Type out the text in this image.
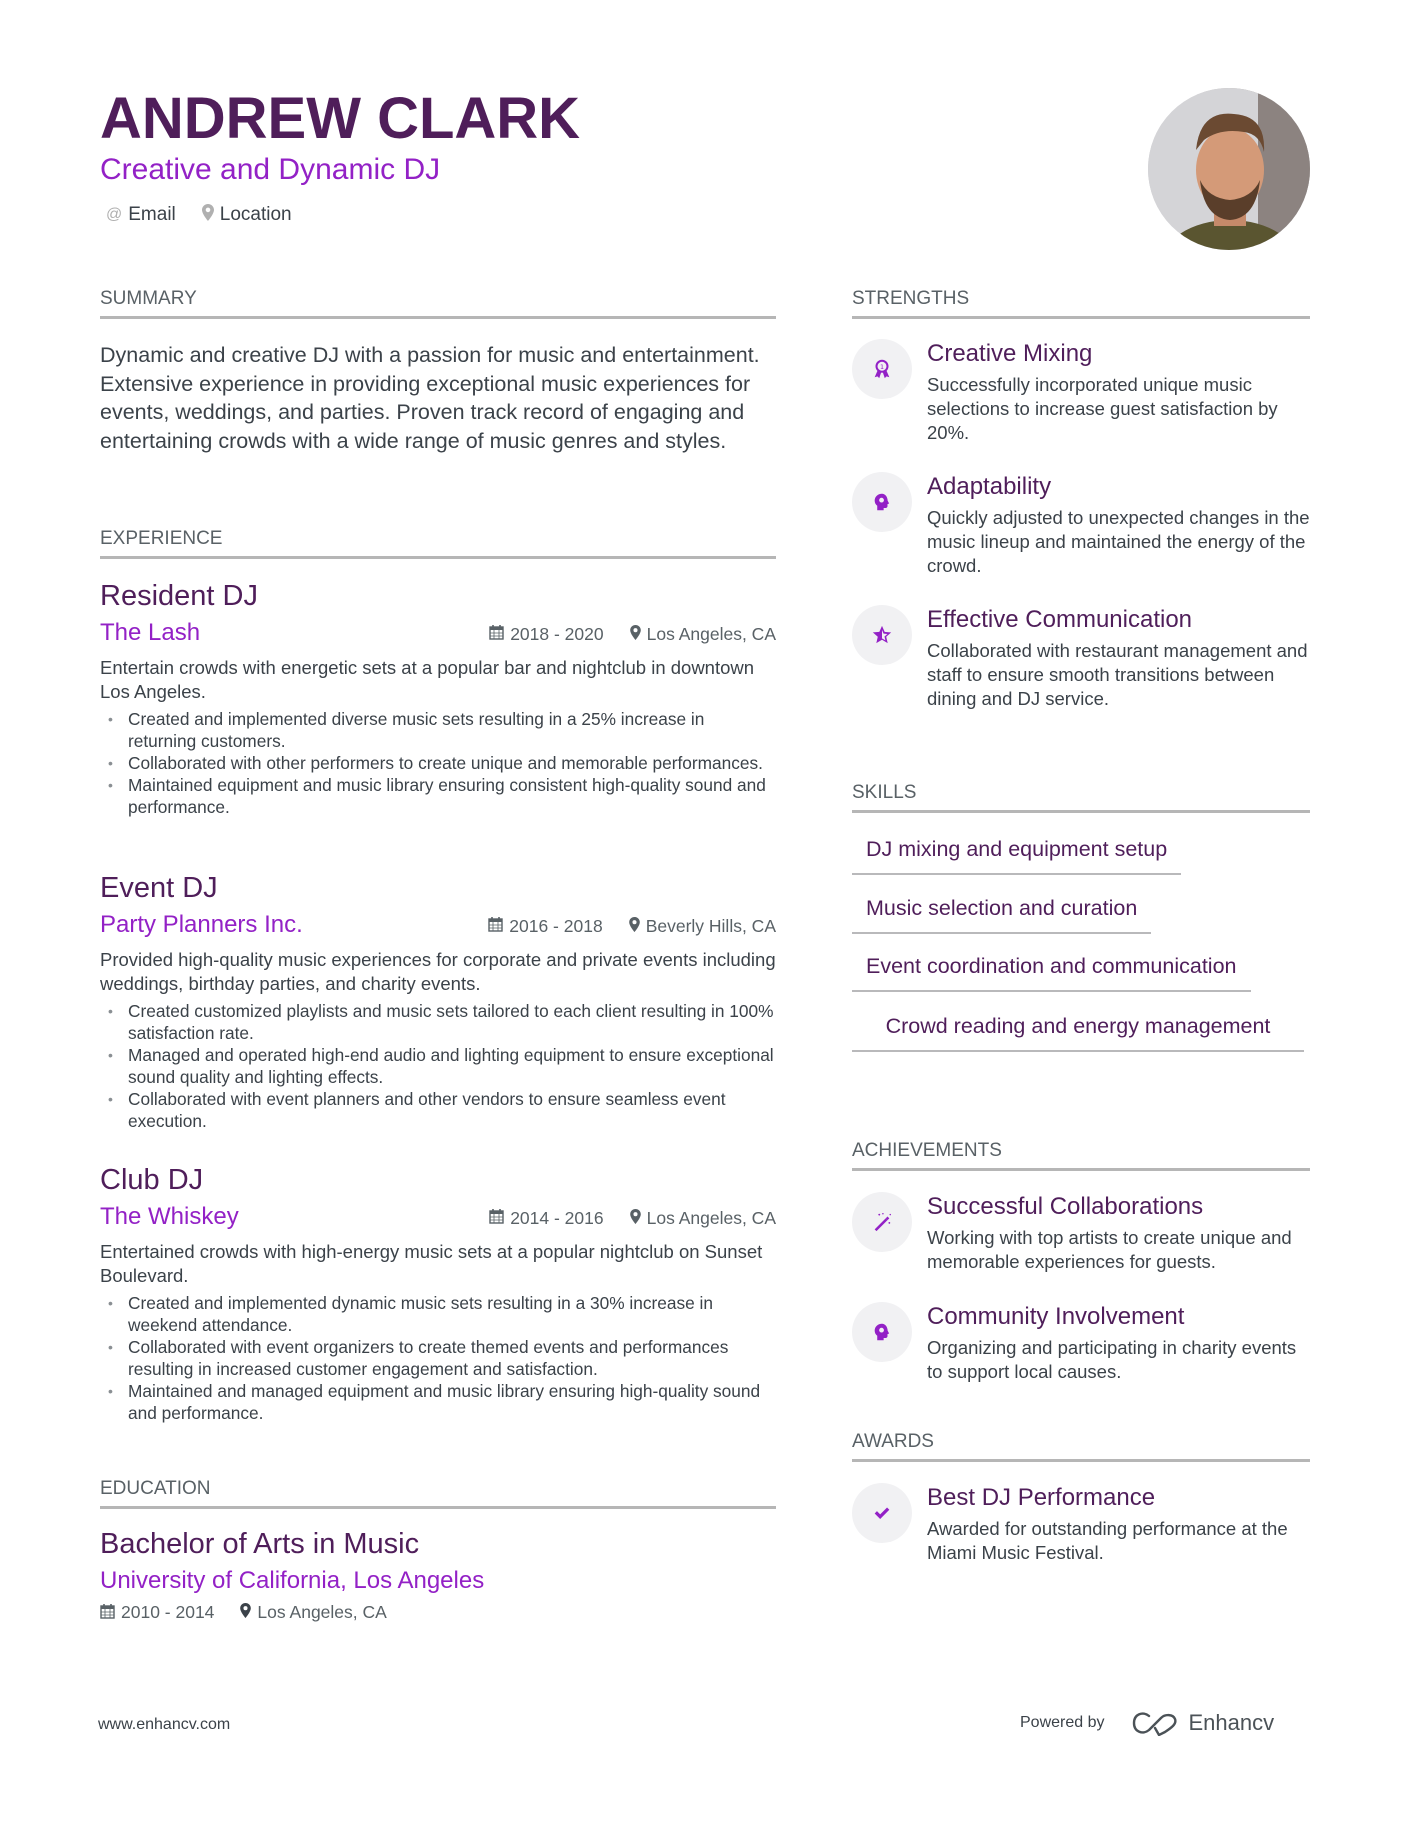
ANDREW CLARK
Creative and Dynamic DJ
@ Email Location
SUMMARY
Dynamic and creative DJ with a passion for music and entertainment. Extensive experience in providing exceptional music experiences for events, weddings, and parties. Proven track record of engaging and entertaining crowds with a wide range of music genres and styles.
EXPERIENCE
Resident DJ
The Lash	2018 - 2020 Los Angeles, CA
Entertain crowds with energetic sets at a popular bar and nightclub in downtown Los Angeles.
• Created and implemented diverse music sets resulting in a 25% increase in returning customers.
• Collaborated with other performers to create unique and memorable performances.
• Maintained equipment and music library ensuring consistent high-quality sound and performance.
Event DJ
Party Planners Inc.	2016 - 2018 Beverly Hills, CA
Provided high-quality music experiences for corporate and private events including weddings, birthday parties, and charity events.
• Created customized playlists and music sets tailored to each client resulting in 100% satisfaction rate.
• Managed and operated high-end audio and lighting equipment to ensure exceptional sound quality and lighting effects.
• Collaborated with event planners and other vendors to ensure seamless event execution.
Club DJ
The Whiskey	2014 - 2016 Los Angeles, CA
Entertained crowds with high-energy music sets at a popular nightclub on Sunset Boulevard.
• Created and implemented dynamic music sets resulting in a 30% increase in weekend attendance.
• Collaborated with event organizers to create themed events and performances resulting in increased customer engagement and satisfaction.
• Maintained and managed equipment and music library ensuring high-quality sound and performance.
EDUCATION
Bachelor of Arts in Music
University of California, Los Angeles
2010 - 2014 Los Angeles, CA
STRENGTHS
1 Creative Mixing
Successfully incorporated unique music selections to increase guest satisfaction by 20%.
Adaptability
Quickly adjusted to unexpected changes in the music lineup and maintained the energy of the crowd.
Effective Communication
Collaborated with restaurant management and staff to ensure smooth transitions between dining and DJ service.
SKILLS
DJ mixing and equipment setup
Music selection and curation
Event coordination and communication
Crowd reading and energy management
ACHIEVEMENTS
Successful Collaborations
Working with top artists to create unique and memorable experiences for guests.
Community Involvement
Organizing and participating in charity events to support local causes.
AWARDS
Best DJ Performance
Awarded for outstanding performance at the Miami Music Festival.
www.enhancv.com	Powered by	Enhancv
